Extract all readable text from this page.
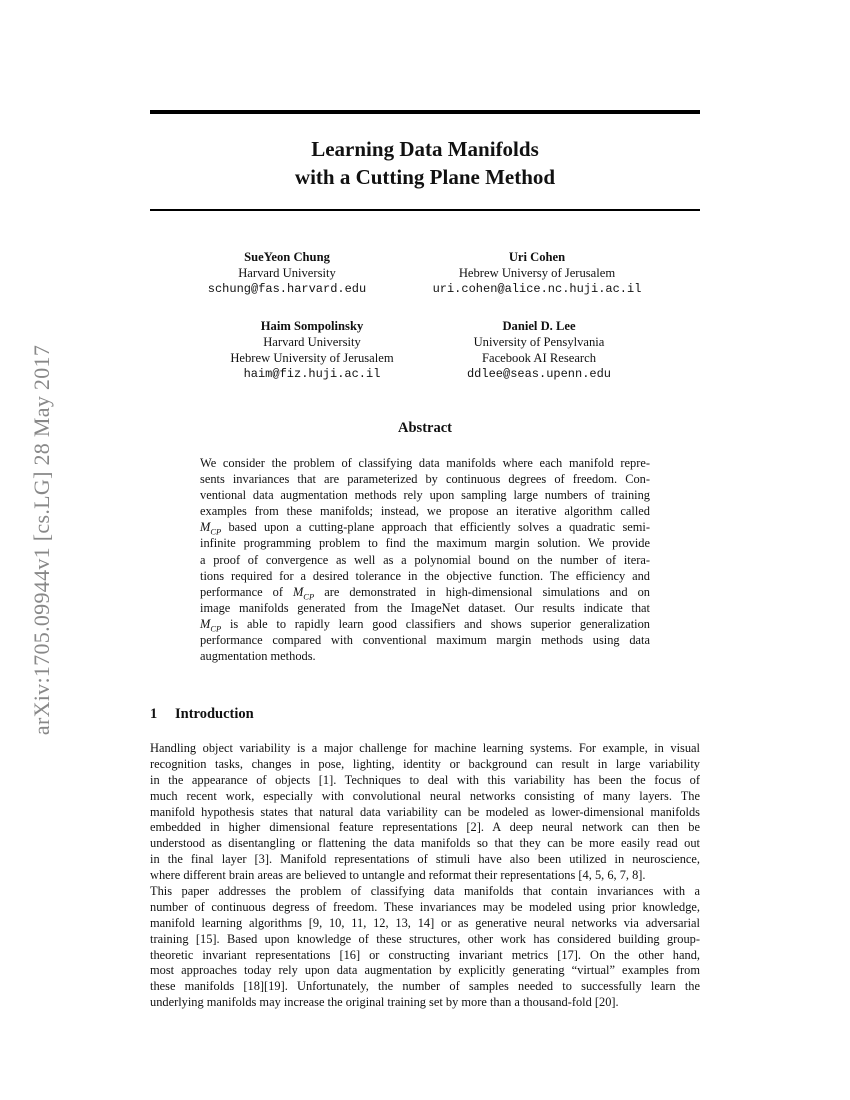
Learning Data Manifolds
with a Cutting Plane Method
SueYeon Chung
Harvard University
schung@fas.harvard.edu
Uri Cohen
Hebrew Universy of Jerusalem
uri.cohen@alice.nc.huji.ac.il
Haim Sompolinsky
Harvard University
Hebrew University of Jerusalem
haim@fiz.huji.ac.il
Daniel D. Lee
University of Pensylvania
Facebook AI Research
ddlee@seas.upenn.edu
Abstract
We consider the problem of classifying data manifolds where each manifold repre-
sents invariances that are parameterized by continuous degrees of freedom. Con-
ventional data augmentation methods rely upon sampling large numbers of training
examples from these manifolds; instead, we propose an iterative algorithm called
$M_{CP}$ based upon a cutting-plane approach that efficiently solves a quadratic semi-
infinite programming problem to find the maximum margin solution. We provide
a proof of convergence as well as a polynomial bound on the number of itera-
tions required for a desired tolerance in the objective function. The efficiency and
performance of $M_{CP}$ are demonstrated in high-dimensional simulations and on
image manifolds generated from the ImageNet dataset. Our results indicate that
$M_{CP}$ is able to rapidly learn good classifiers and shows superior generalization
performance compared with conventional maximum margin methods using data
augmentation methods.
1 Introduction
Handling object variability is a major challenge for machine learning systems. For example, in visual
recognition tasks, changes in pose, lighting, identity or background can result in large variability
in the appearance of objects [1]. Techniques to deal with this variability has been the focus of
much recent work, especially with convolutional neural networks consisting of many layers. The
manifold hypothesis states that natural data variability can be modeled as lower-dimensional manifolds
embedded in higher dimensional feature representations [2]. A deep neural network can then be
understood as disentangling or flattening the data manifolds so that they can be more easily read out
in the final layer [3]. Manifold representations of stimuli have also been utilized in neuroscience,
where different brain areas are believed to untangle and reformat their representations [4, 5, 6, 7, 8].
This paper addresses the problem of classifying data manifolds that contain invariances with a
number of continuous degress of freedom. These invariances may be modeled using prior knowledge,
manifold learning algorithms [9, 10, 11, 12, 13, 14] or as generative neural networks via adversarial
training [15]. Based upon knowledge of these structures, other work has considered building group-
theoretic invariant representations [16] or constructing invariant metrics [17]. On the other hand,
most approaches today rely upon data augmentation by explicitly generating “virtual” examples from
these manifolds [18][19]. Unfortunately, the number of samples needed to successfully learn the
underlying manifolds may increase the original training set by more than a thousand-fold [20].
arXiv:1705.09944v1 [cs.LG] 28 May 2017
